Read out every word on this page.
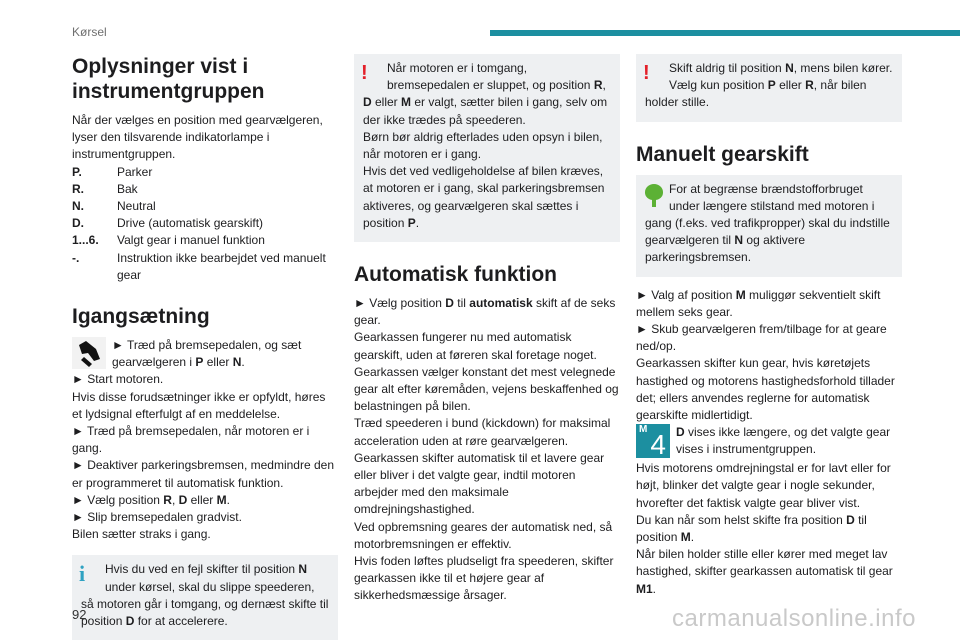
Kørsel
Oplysninger vist i instrumentgruppen

Når der vælges en position med gearvælgeren, lyser den tilsvarende indikatorlampe i instrumentgruppen.

P.	Parker
R.	Bak
N.	Neutral
D.	Drive (automatisk gearskift)
1...6.	Valgt gear i manuel funktion
-.	Instruktion ikke bearbejdet ved manuelt gear
Igangsætning
► Træd på bremsepedalen, og sæt gearvælgeren i P eller N.

► Start motoren.

Hvis disse forudsætninger ikke er opfyldt, høres et lydsignal efterfulgt af en meddelelse.

► Træd på bremsepedalen, når motoren er i gang.

► Deaktiver parkeringsbremsen, medmindre den er programmeret til automatisk funktion.

► Vælg position R, D eller M.

► Slip bremsepedalen gradvist.

Bilen sætter straks i gang.

i	Hvis du ved en fejl skifter til position N under kørsel, skal du slippe speederen, så motoren går i tomgang, og dernæst skifte til position D for at accelerere.
!	Når motoren er i tomgang, bremsepedalen er sluppet, og position R, D eller M er valgt, sætter bilen i gang, selv om der ikke trædes på speederen.

Børn bør aldrig efterlades uden opsyn i bilen, når motoren er i gang.

Hvis det ved vedligeholdelse af bilen kræves, at motoren er i gang, skal parkeringsbremsen aktiveres, og gearvælgeren skal sættes i position P.

Automatisk funktion

► Vælg position D til automatisk skift af de seks gear.

Gearkassen fungerer nu med automatisk gearskift, uden at føreren skal foretage noget. Gearkassen vælger konstant det mest velegnede gear alt efter køremåden, vejens beskaffenhed og belastningen på bilen.

Træd speederen i bund (kickdown) for maksimal acceleration uden at røre gearvælgeren. Gearkassen skifter automatisk til et lavere gear eller bliver i det valgte gear, indtil motoren arbejder med den maksimale omdrejningshastighed.

Ved opbremsning geares der automatisk ned, så motorbremsningen er effektiv.

Hvis foden løftes pludseligt fra speederen, skifter gearkassen ikke til et højere gear af sikkerhedsmæssige årsager.

!	Skift aldrig til position N, mens bilen kører.

Vælg kun position P eller R, når bilen holder stille.

Manuelt gearskift
For at begrænse brændstofforbruget under længere stilstand med motoren i gang (f.eks. ved trafikpropper) skal du indstille gearvælgeren til N og aktivere parkeringsbremsen.

► Valg af position M muliggør sekventielt skift mellem seks gear.

► Skub gearvælgeren frem/tilbage for at geare ned/op.

Gearkassen skifter kun gear, hvis køretøjets hastighed og motorens hastighedsforhold tillader det; ellers anvendes reglerne for automatisk gearskifte midlertidigt.

M 4 D vises ikke længere, og det valgte gear vises i instrumentgruppen.

Hvis motorens omdrejningstal er for lavt eller for højt, blinker det valgte gear i nogle sekunder, hvorefter det faktisk valgte gear bliver vist.

Du kan når som helst skifte fra position D til position M.

Når bilen holder stille eller kører med meget lav hastighed, skifter gearkassen automatisk til gear M1.

92	carmanualsonline.info
